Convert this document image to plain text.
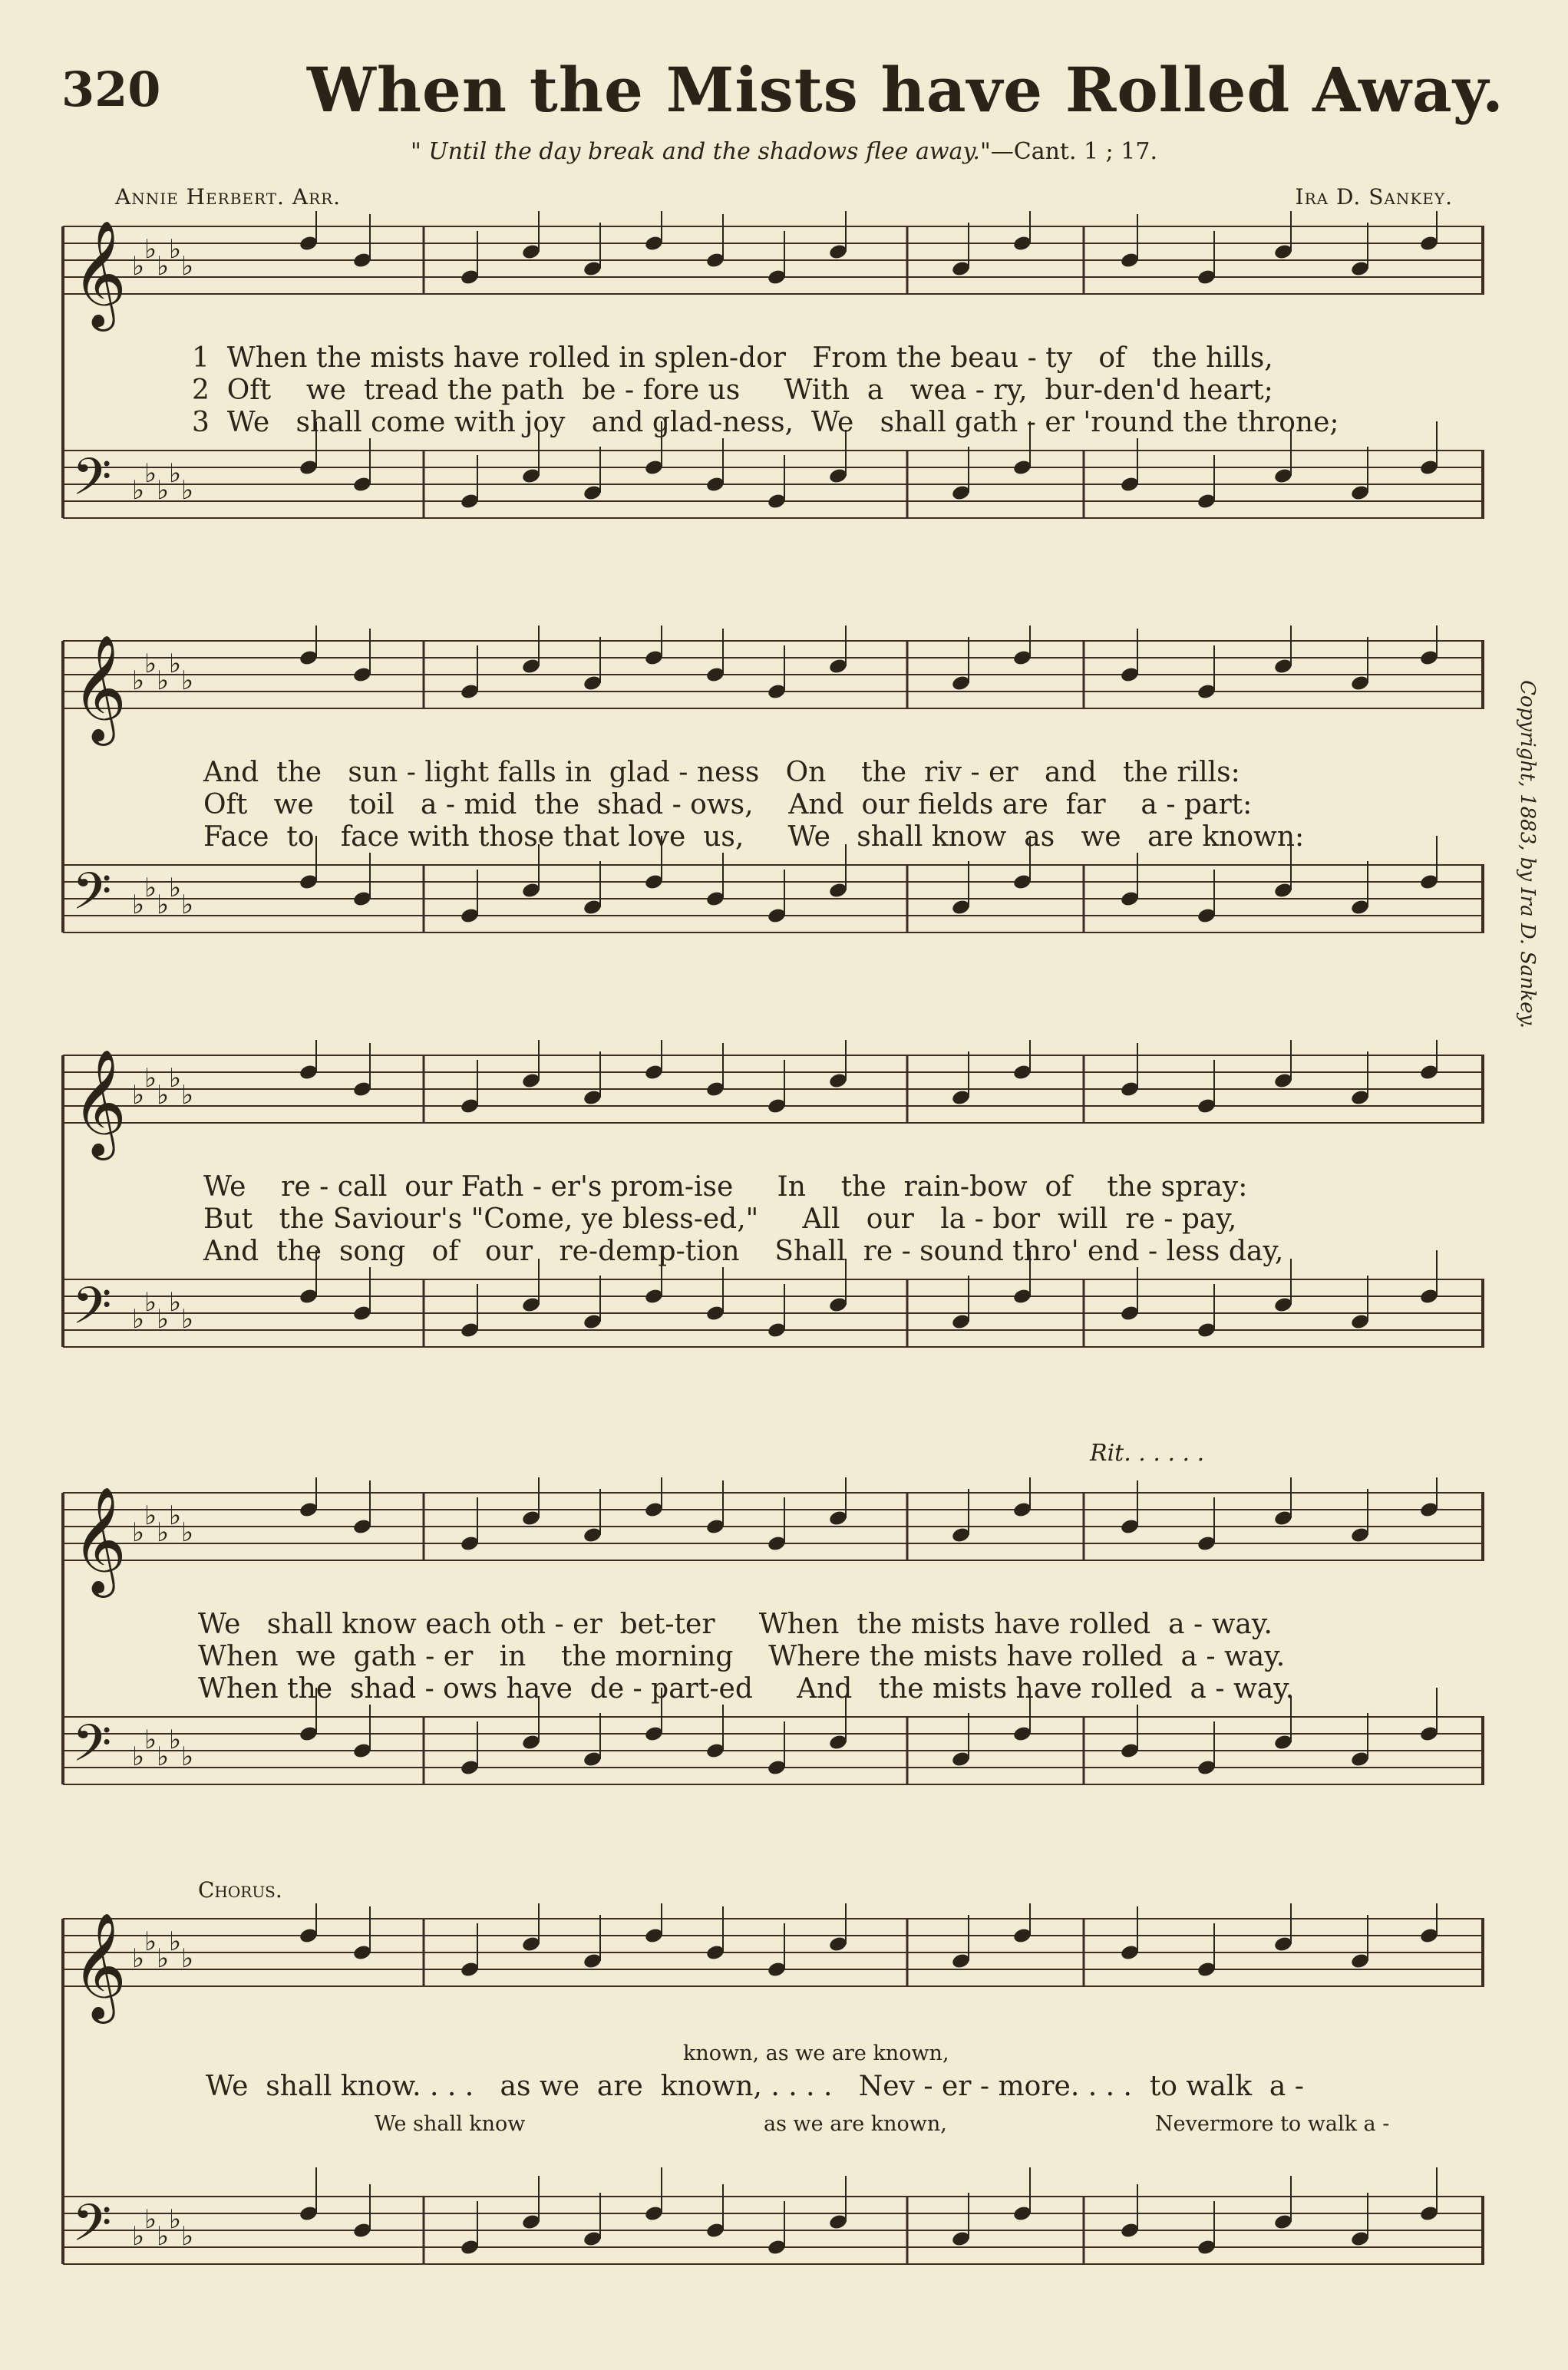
320 When the Mists have Rolled Away.
" Until the day break and the shadows flee away."—Cant. 1 ; 17.
Annie Herbert. Arr.	Ira D. Sankey.
Copyright, 1883, by Ira D. Sankey.
𝄞 ♭
♭
♭
♭
♭
𝄢 ♭
♭
♭
♭
♭
1  When the mists have rolled in splen-dor   From the beau - ty   of   the hills,
2  Oft    we  tread the path  be - fore us     With  a   wea - ry,  bur-den'd heart;
3  We   shall come with joy   and glad-ness,  We   shall gath - er 'round the throne;
𝄞 ♭
♭
♭
♭
♭
𝄢 ♭
♭
♭
♭
♭
And  the   sun - light falls in  glad - ness   On    the  riv - er   and   the rills:
Oft   we    toil   a - mid  the  shad - ows,    And  our fields are  far    a - part:
Face  to   face with those that love  us,     We   shall know  as   we   are known:
𝄞 ♭
♭
♭
♭
♭
𝄢 ♭
♭
♭
♭
♭
We    re - call  our Fath - er's prom-ise     In    the  rain-bow  of    the spray:
But   the Saviour's "Come, ye bless-ed,"     All   our   la - bor  will  re - pay,
And  the  song   of   our   re-demp-tion    Shall  re - sound thro' end - less day,
Rit. . . . . .
𝄞 ♭
♭
♭
♭
♭
𝄢 ♭
♭
♭
♭
♭
We   shall know each oth - er  bet-ter     When  the mists have rolled  a - way.
When  we  gath - er   in    the morning    Where the mists have rolled  a - way.
When the  shad - ows have  de - part-ed     And   the mists have rolled  a - way.
Chorus.
𝄞 ♭
♭
♭
♭
♭
𝄢 ♭
♭
♭
♭
♭
known, as we are known,
We  shall know. . . .   as we  are  known, . . . .   Nev - er - more. . . .  to walk  a -
We shall know	as we are known,	Nevermore to walk a -
